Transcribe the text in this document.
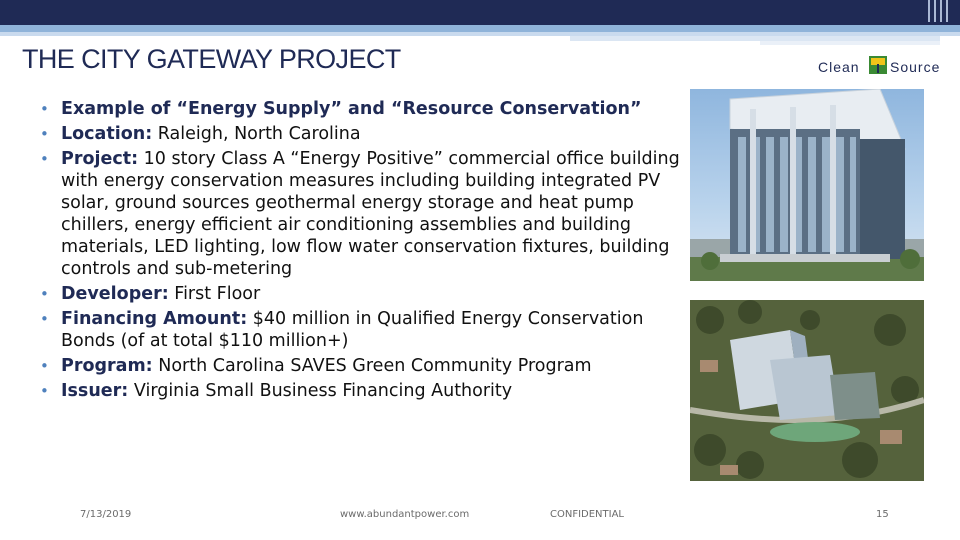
THE CITY GATEWAY PROJECT	Clean Source
• Example of “Energy Supply” and “Resource Conservation”
• Location: Raleigh, North Carolina
• Project: 10 story Class A “Energy Positive” commercial office building with energy conservation measures including building integrated PV solar, ground sources geothermal energy storage and heat pump chillers, energy efficient air conditioning assemblies and building materials, LED lighting, low flow water conservation fixtures, building controls and sub-metering
• Developer: First Floor
• Financing Amount: $40 million in Qualified Energy Conservation Bonds (of at total $110 million+)
• Program: North Carolina SAVES Green Community Program
• Issuer: Virginia Small Business Financing Authority
7/13/2019	www.abundantpower.com	CONFIDENTIAL	15
